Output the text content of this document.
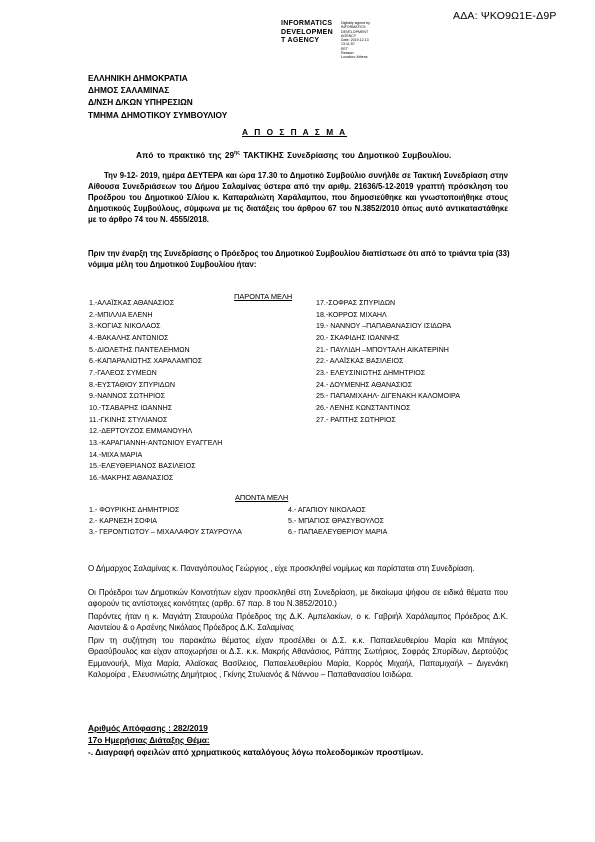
ΑΔΑ: ΨΚΟ9Ω1Ε-Δ9Ρ
INFORMATICS
DEVELOPMEN
T AGENCY
Digitally signed by
INFORMATICS
DEVELOPMENT AGENCY
Date: 2019.12.13 13:11:57
EET
Reason:
Location: Athens
ΕΛΛΗΝΙΚΗ ΔΗΜΟΚΡΑΤΙΑ
ΔΗΜΟΣ ΣΑΛΑΜΙΝΑΣ
Δ/ΝΣΗ Δ/ΚΩΝ ΥΠΗΡΕΣΙΩΝ
ΤΜΗΜΑ ΔΗΜΟΤΙΚΟΥ ΣΥΜΒΟΥΛΙΟΥ
Α Π Ο Σ Π Α Σ Μ Α
Από το πρακτικό της $29^{\eta\varsigma}$ ΤΑΚΤΙΚΗΣ Συνεδρίασης του Δημοτικού Συμβουλίου.

Την 9-12- 2019, ημέρα ΔΕΥΤΕΡΑ και ώρα 17.30 το Δημοτικό Συμβούλιο συνήλθε σε Τακτική Συνεδρίαση στην Αίθουσα Συνεδριάσεων του Δήμου Σαλαμίνας ύστερα από την αριθμ. 21636/5-12-2019 γραπτή πρόσκληση του Προέδρου του Δημοτικού Σ/λίου κ. Καπαραλιώτη Χαράλαμπου, που δημοσιεύθηκε και γνωστοποιήθηκε στους Δημοτικούς Συμβούλους, σύμφωνα με τις διατάξεις του άρθρου 67 του Ν.3852/2010 όπως αυτό αντικαταστάθηκε με το άρθρο 74 του Ν. 4555/2018.

Πριν την έναρξη της Συνεδρίασης ο Πρόεδρος του Δημοτικού Συμβουλίου διαπίστωσε ότι από το τριάντα τρία (33) νόμιμα μέλη του Δημοτικού Συμβουλίου ήταν:
ΠΑΡΟΝΤΑ ΜΕΛΗ
1.-ΑΛΑΪΣΚΑΣ ΑΘΑΝΑΣΙΟΣ
2.-ΜΠΙΛΛΙΑ ΕΛΕΝΗ
3.-ΚΟΓΙΑΣ ΝΙΚΟΛΑΟΣ
4.-ΒΑΚΑΛΗΣ ΑΝΤΩΝΙΟΣ
5.-ΔΙΟΛΕΤΗΣ ΠΑΝΤΕΛΕΗΜΩΝ
6.-ΚΑΠΑΡΑΛΙΩΤΗΣ ΧΑΡΑΛΑΜΠΟΣ
7.-ΓΑΛΕΟΣ ΣΥΜΕΩΝ
8.-ΕΥΣΤΑΘΙΟΥ ΣΠΥΡΙΔΩΝ
9.-ΝΑΝΝΟΣ ΣΩΤΗΡΙΟΣ
10.-ΤΣΑΒΑΡΗΣ ΙΩΑΝΝΗΣ
11.-ΓΚΙΝΗΣ ΣΤΥΛΙΑΝΟΣ
12.-ΔΕΡΤΟΥΖΟΣ ΕΜΜΑΝΟΥΗΛ
13.-ΚΑΡΑΓΙΑΝΝΗ-ΑΝΤΩΝΙΟΥ ΕΥΑΓΓΕΛΗ
14.-ΜΙΧΑ ΜΑΡΙΑ
15.-ΕΛΕΥΘΕΡΙΑΝΟΣ ΒΑΣΙΛΕΙΟΣ
16.-ΜΑΚΡΗΣ ΑΘΑΝΑΣΙΟΣ
17.-ΣΟΦΡΑΣ ΣΠΥΡΙΔΩΝ
18.-ΚΟΡΡΟΣ ΜΙΧΑΗΛ
19.- ΝΑΝΝΟΥ –ΠΑΠΑΘΑΝΑΣΙΟΥ ΙΣΙΔΩΡΑ
20.- ΣΚΑΦΙΔΗΣ ΙΩΑΝΝΗΣ
21.- ΠΑΥΛΙΔΗ –ΜΠΟΥΤΑΛΗ ΑΙΚΑΤΕΡΙΝΗ
22.- ΑΛΑΪΣΚΑΣ ΒΑΣΙΛΕΙΟΣ
23.- ΕΛΕΥΣΙΝΙΩΤΗΣ ΔΗΜΗΤΡΙΟΣ
24.- ΔΟΥΜΕΝΗΣ ΑΘΑΝΑΣΙΟΣ
25.- ΠΑΠΑΜΙΧΑΗΛ- ΔΙΓΕΝΑΚΗ ΚΑΛΟΜΟΙΡΑ
26.- ΛΕΝΗΣ ΚΩΝΣΤΑΝΤΙΝΟΣ
27.- ΡΑΠΤΗΣ ΣΩΤΗΡΙΟΣ
ΑΠΟΝΤΑ ΜΕΛΗ
1.- ΦΟΥΡΙΚΗΣ ΔΗΜΗΤΡΙΟΣ
2.- ΚΑΡΝΕΣΗ ΣΟΦΙΑ
3.- ΓΕΡΟΝΤΙΩΤΟΥ – ΜΙΧΑΛΑΦΟΥ ΣΤΑΥΡΟΥΛΑ
4.- ΑΓΑΠΙΟΥ ΝΙΚΟΛΑΟΣ
5.- ΜΠΑΓΙΟΣ ΘΡΑΣΥΒΟΥΛΟΣ
6.- ΠΑΠΑΕΛΕΥΘΕΡΙΟΥ ΜΑΡΙΑ

Ο Δήμαρχος Σαλαμίνας κ. Παναγόπουλος Γεώργιος , είχε προσκληθεί νομίμως και παρίσταται στη Συνεδρίαση.

Οι Πρόεδροι των Δημοτικών Κοινοτήτων είχαν προσκληθεί στη Συνεδρίαση, με δικαίωμα ψήφου σε ειδικά θέματα που αφορούν τις αντίστοιχες κοινότητες (αρθρ. 67 παρ. 8 του Ν.3852/2010.)

Παρόντες ήταν η κ. Μαγιάτη Σταυρούλα Πρόεδρος της Δ.Κ. Αμπελακίων, ο κ. Γαβριήλ Χαράλαμπος Πρόεδρος Δ.Κ. Αιαντείου & ο Αρσένης Νικόλαος Πρόεδρος Δ.Κ. Σαλαμίνας

Πριν τη συζήτηση του παρακάτω θέματος είχαν προσέλθει οι Δ.Σ. κ.κ. Παπαελευθερίου Μαρία και Μπάγιος Θρασύβουλος και είχαν αποχωρήσει οι Δ.Σ. κ.κ. Μακρής Αθανάσιος, Ράπτης Σωτήριος, Σοφράς Σπυρίδων, Δερτούζος Εμμανουήλ, Μίχα Μαρία, Αλαϊσκας Βασίλειος, Παπαελευθερίου Μαρία, Κορρός Μιχαήλ, Παπαμιχαήλ – Διγενάκη Καλομοίρα , Ελευσινιώτης Δημήτριος , Γκίνης Στυλιανός & Νάννου – Παπαθανασίου Ισιδώρα.

Αριθμός Απόφασης : 282/2019
17ο Ημερήσιας Διάταξης Θέμα:
-. Διαγραφή οφειλών από χρηματικούς καταλόγους λόγω πολεοδομικών προστίμων.
